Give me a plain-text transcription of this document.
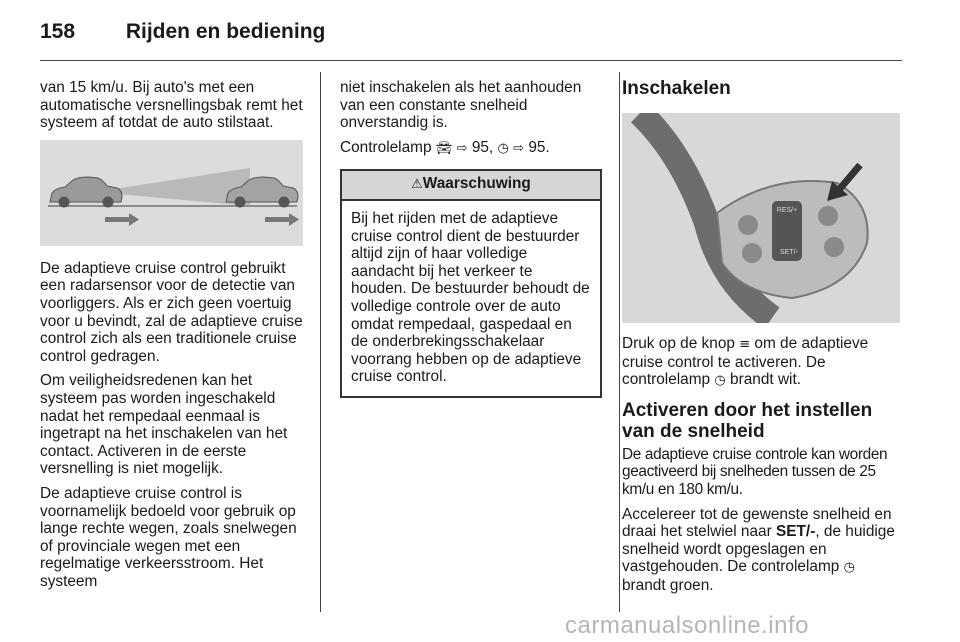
158 Rijden en bediening

van 15 km/u. Bij auto's met een automatische versnellingsbak remt het systeem af totdat de auto stilstaat.

De adaptieve cruise control gebruikt een radarsensor voor de detectie van voorliggers. Als er zich geen voertuig voor u bevindt, zal de adaptieve cruise control zich als een traditionele cruise control gedragen.

Om veiligheidsredenen kan het systeem pas worden ingeschakeld nadat het rempedaal eenmaal is ingetrapt na het inschakelen van het contact. Activeren in de eerste versnelling is niet mogelijk.

De adaptieve cruise control is voornamelijk bedoeld voor gebruik op lange rechte wegen, zoals snelwegen of provinciale wegen met een regelmatige verkeersstroom. Het systeem

niet inschakelen als het aanhouden van een constante snelheid onverstandig is.

Controlelamp 🚘︎ ⇨ 95, ◷ ⇨ 95.

⚠Waarschuwing
Bij het rijden met de adaptieve cruise control dient de bestuurder altijd zijn of haar volledige aandacht bij het verkeer te houden. De bestuurder behoudt de volledige controle over de auto omdat rempedaal, gaspedaal en de onderbrekingsschakelaar voorrang hebben op de adaptieve cruise control.
Inschakelen
RES/+
SET/-

Druk op de knop ≡ om de adaptieve cruise control te activeren. De controlelamp ◷ brandt wit.

Activeren door het instellen van de snelheid

De adaptieve cruise controle kan worden geactiveerd bij snelheden tussen de 25 km/u en 180 km/u.

Accelereer tot de gewenste snelheid en draai het stelwiel naar SET/-, de huidige snelheid wordt opgeslagen en vastgehouden. De controlelamp ◷ brandt groen.

carmanualsonline.info
